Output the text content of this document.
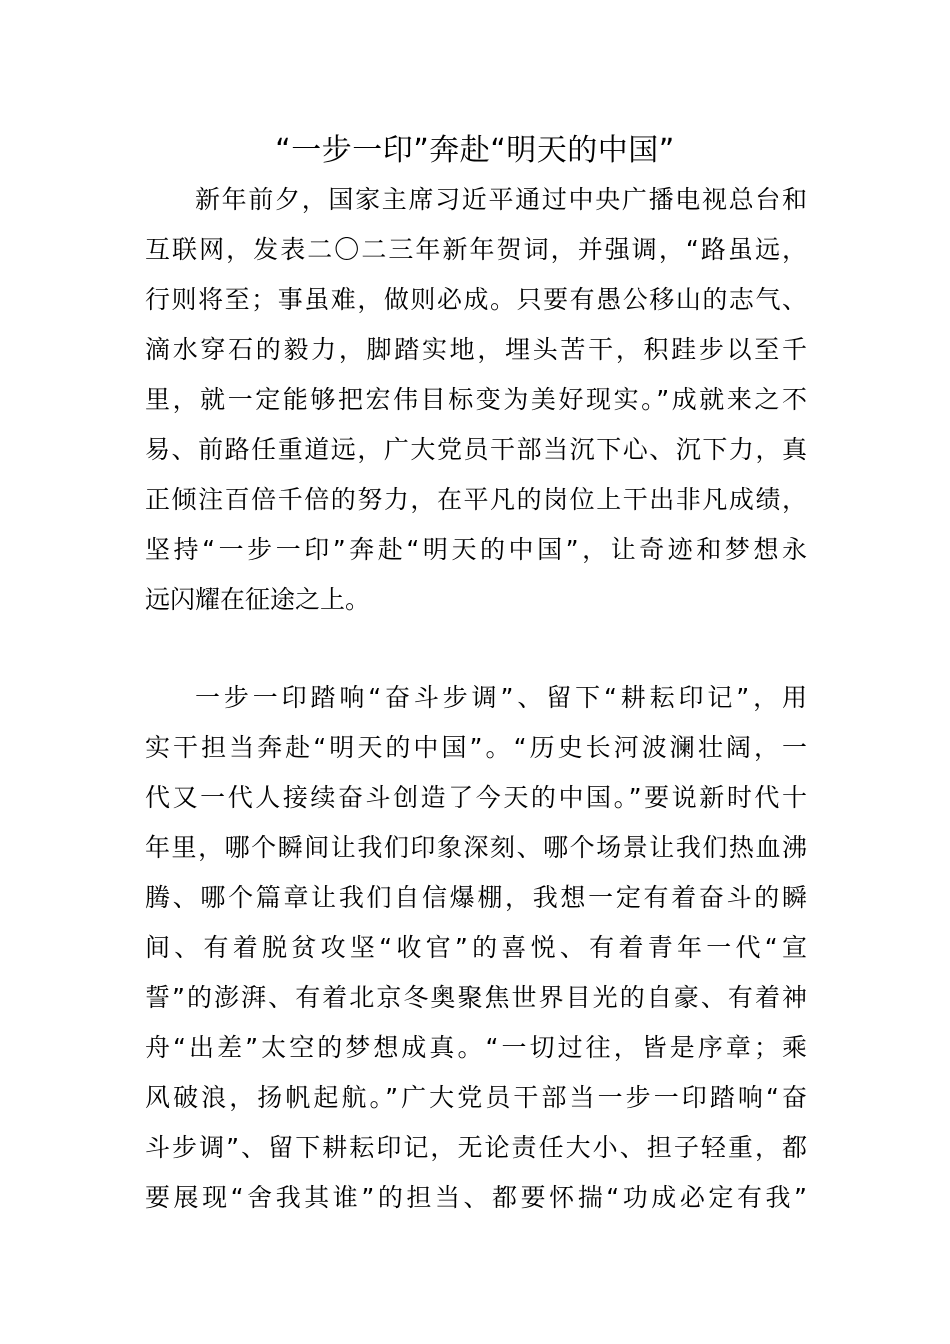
“一步一印”奔赴“明天的中国”
新年前夕，国家主席习近平通过中央广播电视总台和
互联网，发表二〇二三年新年贺词，并强调，“路虽远，
行则将至；事虽难，做则必成。只要有愚公移山的志气、
滴水穿石的毅力，脚踏实地，埋头苦干，积跬步以至千
里，就一定能够把宏伟目标变为美好现实。”成就来之不
易、前路任重道远，广大党员干部当沉下心、沉下力，真
正倾注百倍千倍的努力，在平凡的岗位上干出非凡成绩，
坚持“一步一印”奔赴“明天的中国”，让奇迹和梦想永
远闪耀在征途之上。
一步一印踏响“奋斗步调”、留下“耕耘印记”，用
实干担当奔赴“明天的中国”。“历史长河波澜壮阔，一
代又一代人接续奋斗创造了今天的中国。”要说新时代十
年里，哪个瞬间让我们印象深刻、哪个场景让我们热血沸
腾、哪个篇章让我们自信爆棚，我想一定有着奋斗的瞬
间、有着脱贫攻坚“收官”的喜悦、有着青年一代“宣
誓”的澎湃、有着北京冬奥聚焦世界目光的自豪、有着神
舟“出差”太空的梦想成真。“一切过往，皆是序章；乘
风破浪，扬帆起航。”广大党员干部当一步一印踏响“奋
斗步调”、留下耕耘印记，无论责任大小、担子轻重，都
要展现“舍我其谁”的担当、都要怀揣“功成必定有我”
